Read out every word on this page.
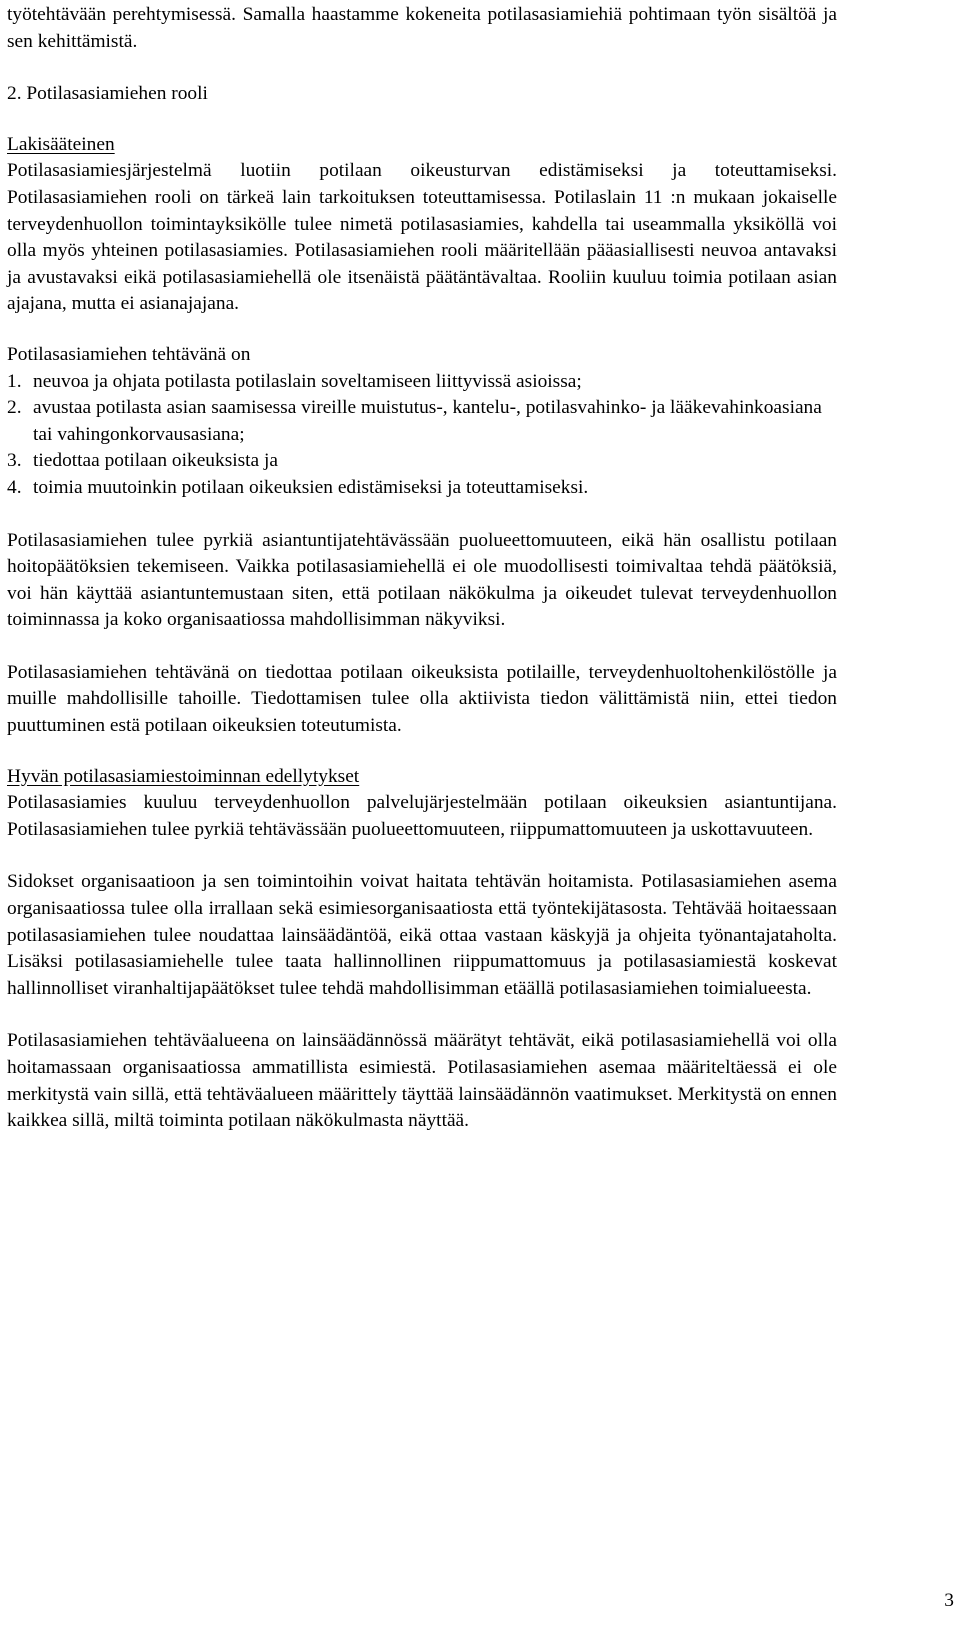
työtehtävään perehtymisessä. Samalla haastamme kokeneita potilasasiamiehiä pohtimaan työn sisältöä ja sen kehittämistä.

2. Potilasasiamiehen rooli

Lakisääteinen

Potilasasiamiesjärjestelmä luotiin potilaan oikeusturvan edistämiseksi ja toteuttamiseksi. Potilasasiamiehen rooli on tärkeä lain tarkoituksen toteuttamisessa. Potilaslain 11 :n mukaan jokaiselle terveydenhuollon toimintayksikölle tulee nimetä potilasasiamies, kahdella tai useammalla yksiköllä voi olla myös yhteinen potilasasiamies. Potilasasiamiehen rooli määritellään pääasiallisesti neuvoa antavaksi ja avustavaksi eikä potilasasiamiehellä ole itsenäistä päätäntävaltaa. Rooliin kuuluu toimia potilaan asian ajajana, mutta ei asianajajana.

Potilasasiamiehen tehtävänä on

1. neuvoa ja ohjata potilasta potilaslain soveltamiseen liittyvissä asioissa;
2. avustaa potilasta asian saamisessa vireille muistutus-, kantelu-, potilasvahinko- ja lääkevahinkoasiana tai vahingonkorvausasiana;
3. tiedottaa potilaan oikeuksista ja
4. toimia muutoinkin potilaan oikeuksien edistämiseksi ja toteuttamiseksi.

Potilasasiamiehen tulee pyrkiä asiantuntijatehtävässään puolueettomuuteen, eikä hän osallistu potilaan hoitopäätöksien tekemiseen. Vaikka potilasasiamiehellä ei ole muodollisesti toimivaltaa tehdä päätöksiä, voi hän käyttää asiantuntemustaan siten, että potilaan näkökulma ja oikeudet tulevat terveydenhuollon toiminnassa ja koko organisaatiossa mahdollisimman näkyviksi.

Potilasasiamiehen tehtävänä on tiedottaa potilaan oikeuksista potilaille, terveydenhuoltohenkilöstölle ja muille mahdollisille tahoille. Tiedottamisen tulee olla aktiivista tiedon välittämistä niin, ettei tiedon puuttuminen estä potilaan oikeuksien toteutumista.

Hyvän potilasasiamiestoiminnan edellytykset

Potilasasiamies kuuluu terveydenhuollon palvelujärjestelmään potilaan oikeuksien asiantuntijana. Potilasasiamiehen tulee pyrkiä tehtävässään puolueettomuuteen, riippumattomuuteen ja uskottavuuteen.

Sidokset organisaatioon ja sen toimintoihin voivat haitata tehtävän hoitamista. Potilasasiamiehen asema organisaatiossa tulee olla irrallaan sekä esimiesorganisaatiosta että työntekijätasosta. Tehtävää hoitaessaan potilasasiamiehen tulee noudattaa lainsäädäntöä, eikä ottaa vastaan käskyjä ja ohjeita työnantajataholta. Lisäksi potilasasiamiehelle tulee taata hallinnollinen riippumattomuus ja potilasasiamiestä koskevat hallinnolliset viranhaltijapäätökset tulee tehdä mahdollisimman etäällä potilasasiamiehen toimialueesta.

Potilasasiamiehen tehtäväalueena on lainsäädännössä määrätyt tehtävät, eikä potilasasiamiehellä voi olla hoitamassaan organisaatiossa ammatillista esimiestä. Potilasasiamiehen asemaa määriteltäessä ei ole merkitystä vain sillä, että tehtäväalueen määrittely täyttää lainsäädännön vaatimukset. Merkitystä on ennen kaikkea sillä, miltä toiminta potilaan näkökulmasta näyttää.

3
